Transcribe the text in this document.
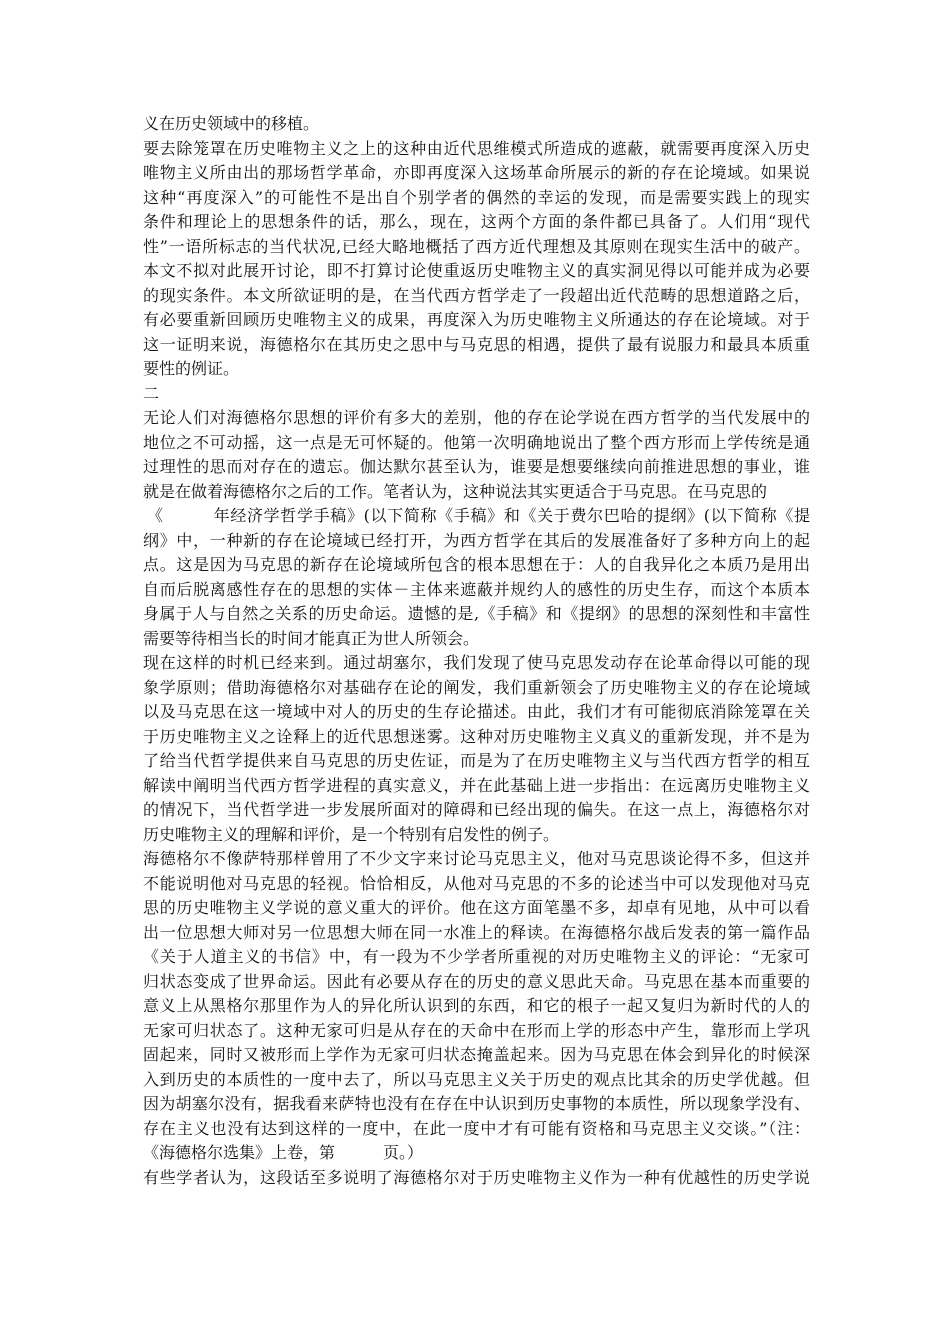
义在历史领域中的移植。
要去除笼罩在历史唯物主义之上的这种由近代思维模式所造成的遮蔽，就需要再度深入历史
唯物主义所由出的那场哲学革命，亦即再度深入这场革命所展示的新的存在论境域。如果说
这种“再度深入”的可能性不是出自个别学者的偶然的幸运的发现，而是需要实践上的现实
条件和理论上的思想条件的话，那么，现在，这两个方面的条件都已具备了。人们用“现代
性”一语所标志的当代状况,已经大略地概括了西方近代理想及其原则在现实生活中的破产。
本文不拟对此展开讨论，即不打算讨论使重返历史唯物主义的真实洞见得以可能并成为必要
的现实条件。本文所欲证明的是，在当代西方哲学走了一段超出近代范畴的思想道路之后，
有必要重新回顾历史唯物主义的成果，再度深入为历史唯物主义所通达的存在论境域。对于
这一证明来说，海德格尔在其历史之思中与马克思的相遇，提供了最有说服力和最具本质重
要性的例证。
二
无论人们对海德格尔思想的评价有多大的差别，他的存在论学说在西方哲学的当代发展中的
地位之不可动摇，这一点是无可怀疑的。他第一次明确地说出了整个西方形而上学传统是通
过理性的思而对存在的遗忘。伽达默尔甚至认为，谁要是想要继续向前推进思想的事业，谁
就是在做着海德格尔之后的工作。笔者认为，这种说法其实更适合于马克思。在马克思的
《　　　年经济学哲学手稿》(以下简称《手稿》和《关于费尔巴哈的提纲》(以下简称《提
纲》中，一种新的存在论境域已经打开，为西方哲学在其后的发展准备好了多种方向上的起
点。这是因为马克思的新存在论境域所包含的根本思想在于：人的自我异化之本质乃是用出
自而后脱离感性存在的思想的实体－主体来遮蔽并规约人的感性的历史生存，而这个本质本
身属于人与自然之关系的历史命运。遗憾的是,《手稿》和《提纲》的思想的深刻性和丰富性
需要等待相当长的时间才能真正为世人所领会。
现在这样的时机已经来到。通过胡塞尔，我们发现了使马克思发动存在论革命得以可能的现
象学原则；借助海德格尔对基础存在论的阐发，我们重新领会了历史唯物主义的存在论境域
以及马克思在这一境域中对人的历史的生存论描述。由此，我们才有可能彻底消除笼罩在关
于历史唯物主义之诠释上的近代思想迷雾。这种对历史唯物主义真义的重新发现，并不是为
了给当代哲学提供来自马克思的历史佐证，而是为了在历史唯物主义与当代西方哲学的相互
解读中阐明当代西方哲学进程的真实意义，并在此基础上进一步指出：在远离历史唯物主义
的情况下，当代哲学进一步发展所面对的障碍和已经出现的偏失。在这一点上，海德格尔对
历史唯物主义的理解和评价，是一个特别有启发性的例子。
海德格尔不像萨特那样曾用了不少文字来讨论马克思主义，他对马克思谈论得不多，但这并
不能说明他对马克思的轻视。恰恰相反，从他对马克思的不多的论述当中可以发现他对马克
思的历史唯物主义学说的意义重大的评价。他在这方面笔墨不多，却卓有见地，从中可以看
出一位思想大师对另一位思想大师在同一水准上的释读。在海德格尔战后发表的第一篇作品
《关于人道主义的书信》中，有一段为不少学者所重视的对历史唯物主义的评论：“无家可
归状态变成了世界命运。因此有必要从存在的历史的意义思此天命。马克思在基本而重要的
意义上从黑格尔那里作为人的异化所认识到的东西，和它的根子一起又复归为新时代的人的
无家可归状态了。这种无家可归是从存在的天命中在形而上学的形态中产生，靠形而上学巩
固起来，同时又被形而上学作为无家可归状态掩盖起来。因为马克思在体会到异化的时候深
入到历史的本质性的一度中去了，所以马克思主义关于历史的观点比其余的历史学优越。但
因为胡塞尔没有，据我看来萨特也没有在存在中认识到历史事物的本质性，所以现象学没有、
存在主义也没有达到这样的一度中，在此一度中才有可能有资格和马克思主义交谈。”（注：
《海德格尔选集》上卷，第　　　页。）
有些学者认为，这段话至多说明了海德格尔对于历史唯物主义作为一种有优越性的历史学说
